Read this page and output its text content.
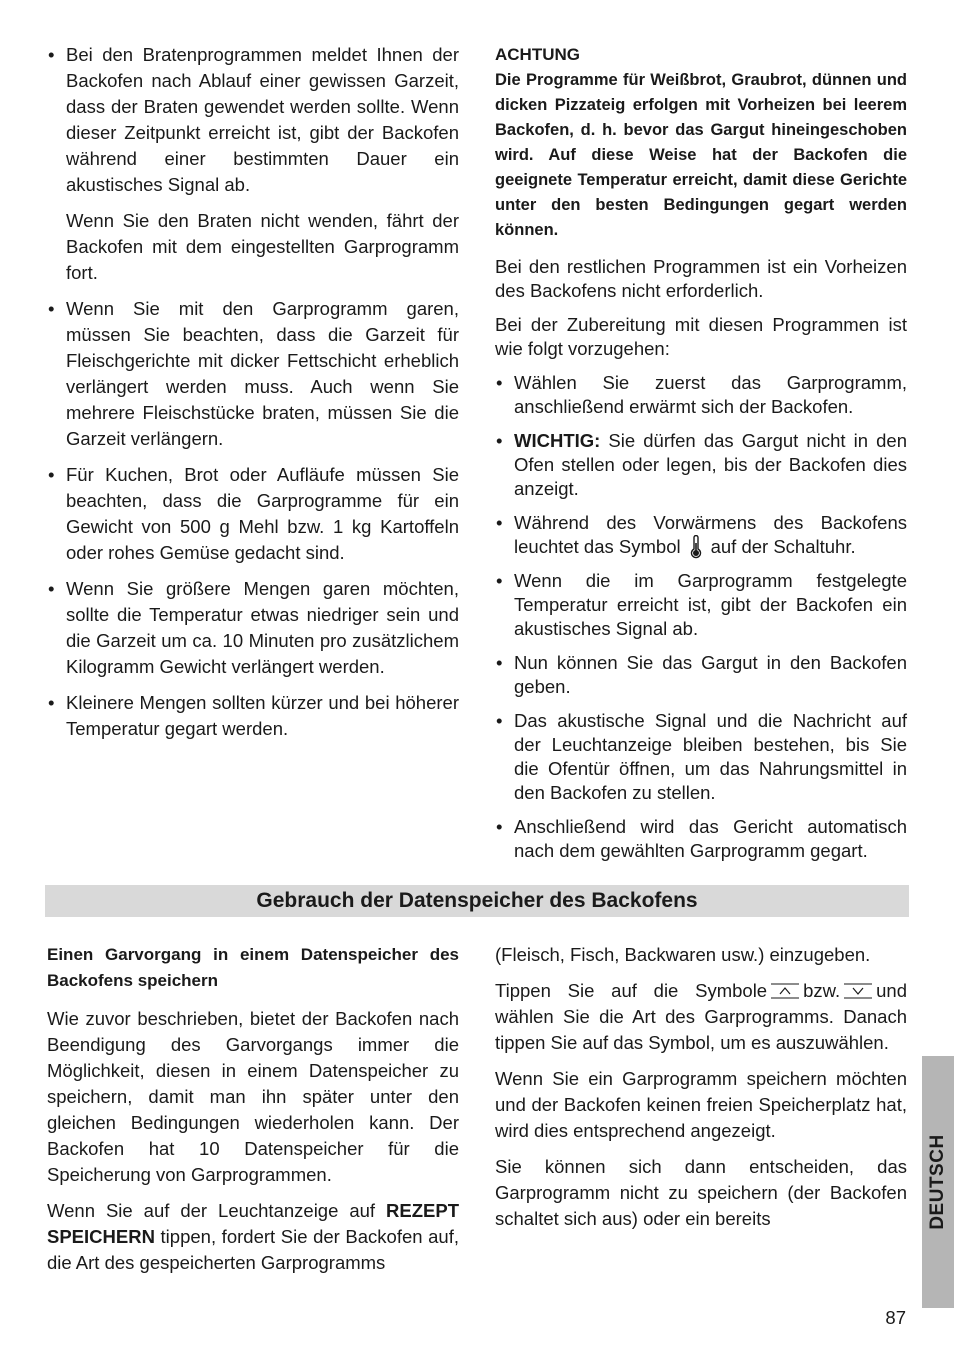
• Bei den Bratenprogrammen meldet Ihnen der Backofen nach Ablauf einer gewissen Garzeit, dass der Braten gewendet werden sollte. Wenn dieser Zeitpunkt erreicht ist, gibt der Backofen während einer bestimmten Dauer ein akustisches Signal ab.

Wenn Sie den Braten nicht wenden, fährt der Backofen mit dem eingestellten Garprogramm fort.

• Wenn Sie mit den Garprogramm garen, müssen Sie beachten, dass die Garzeit für Fleischgerichte mit dicker Fettschicht erheblich verlängert werden muss. Auch wenn Sie mehrere Fleischstücke braten, müssen Sie die Garzeit verlängern.
• Für Kuchen, Brot oder Aufläufe müssen Sie beachten, dass die Garprogramme für ein Gewicht von 500 g Mehl bzw. 1 kg Kartoffeln oder rohes Gemüse gedacht sind.
• Wenn Sie größere Mengen garen möchten, sollte die Temperatur etwas niedriger sein und die Garzeit um ca. 10 Minuten pro zusätzlichem Kilogramm Gewicht verlängert werden.
• Kleinere Mengen sollten kürzer und bei höherer Temperatur gegart werden.

ACHTUNG

Die Programme für Weißbrot, Graubrot, dünnen und dicken Pizzateig erfolgen mit Vorheizen bei leerem Backofen, d. h. bevor das Gargut hineingeschoben wird. Auf diese Weise hat der Backofen die geeignete Temperatur erreicht, damit diese Gerichte unter den besten Bedingungen gegart werden können.

Bei den restlichen Programmen ist ein Vorheizen des Backofens nicht erforderlich.

Bei der Zubereitung mit diesen Programmen ist wie folgt vorzugehen:

• Wählen Sie zuerst das Garprogramm, anschließend erwärmt sich der Backofen.
• WICHTIG: Sie dürfen das Gargut nicht in den Ofen stellen oder legen, bis der Backofen dies anzeigt.
• Während des Vorwärmens des Backofens leuchtet das Symbol auf der Schaltuhr.
• Wenn die im Garprogramm festgelegte Temperatur erreicht ist, gibt der Backofen ein akustisches Signal ab.
• Nun können Sie das Gargut in den Backofen geben.
• Das akustische Signal und die Nachricht auf der Leuchtanzeige bleiben bestehen, bis Sie die Ofentür öffnen, um das Nahrungsmittel in den Backofen zu stellen.
• Anschließend wird das Gericht automatisch nach dem gewählten Garprogramm gegart.
Gebrauch der Datenspeicher des Backofens

Einen Garvorgang in einem Datenspeicher des Backofens speichern

Wie zuvor beschrieben, bietet der Backofen nach Beendigung des Garvorgangs immer die Möglichkeit, diesen in einem Datenspeicher zu speichern, damit man ihn später unter den gleichen Bedingungen wiederholen kann. Der Backofen hat 10 Datenspeicher für die Speicherung von Garprogrammen.

Wenn Sie auf der Leuchtanzeige auf REZEPT SPEICHERN tippen, fordert Sie der Backofen auf, die Art des gespeicherten Garprogramms

(Fleisch, Fisch, Backwaren usw.) einzugeben.

Tippen Sie auf die Symbole bzw. und wählen Sie die Art des Garprogramms. Danach tippen Sie auf das Symbol, um es auszuwählen.

Wenn Sie ein Garprogramm speichern möchten und der Backofen keinen freien Speicherplatz hat, wird dies entsprechend angezeigt.

Sie können sich dann entscheiden, das Garprogramm nicht zu speichern (der Backofen schaltet sich aus) oder ein bereits	DEUTSCH
87
